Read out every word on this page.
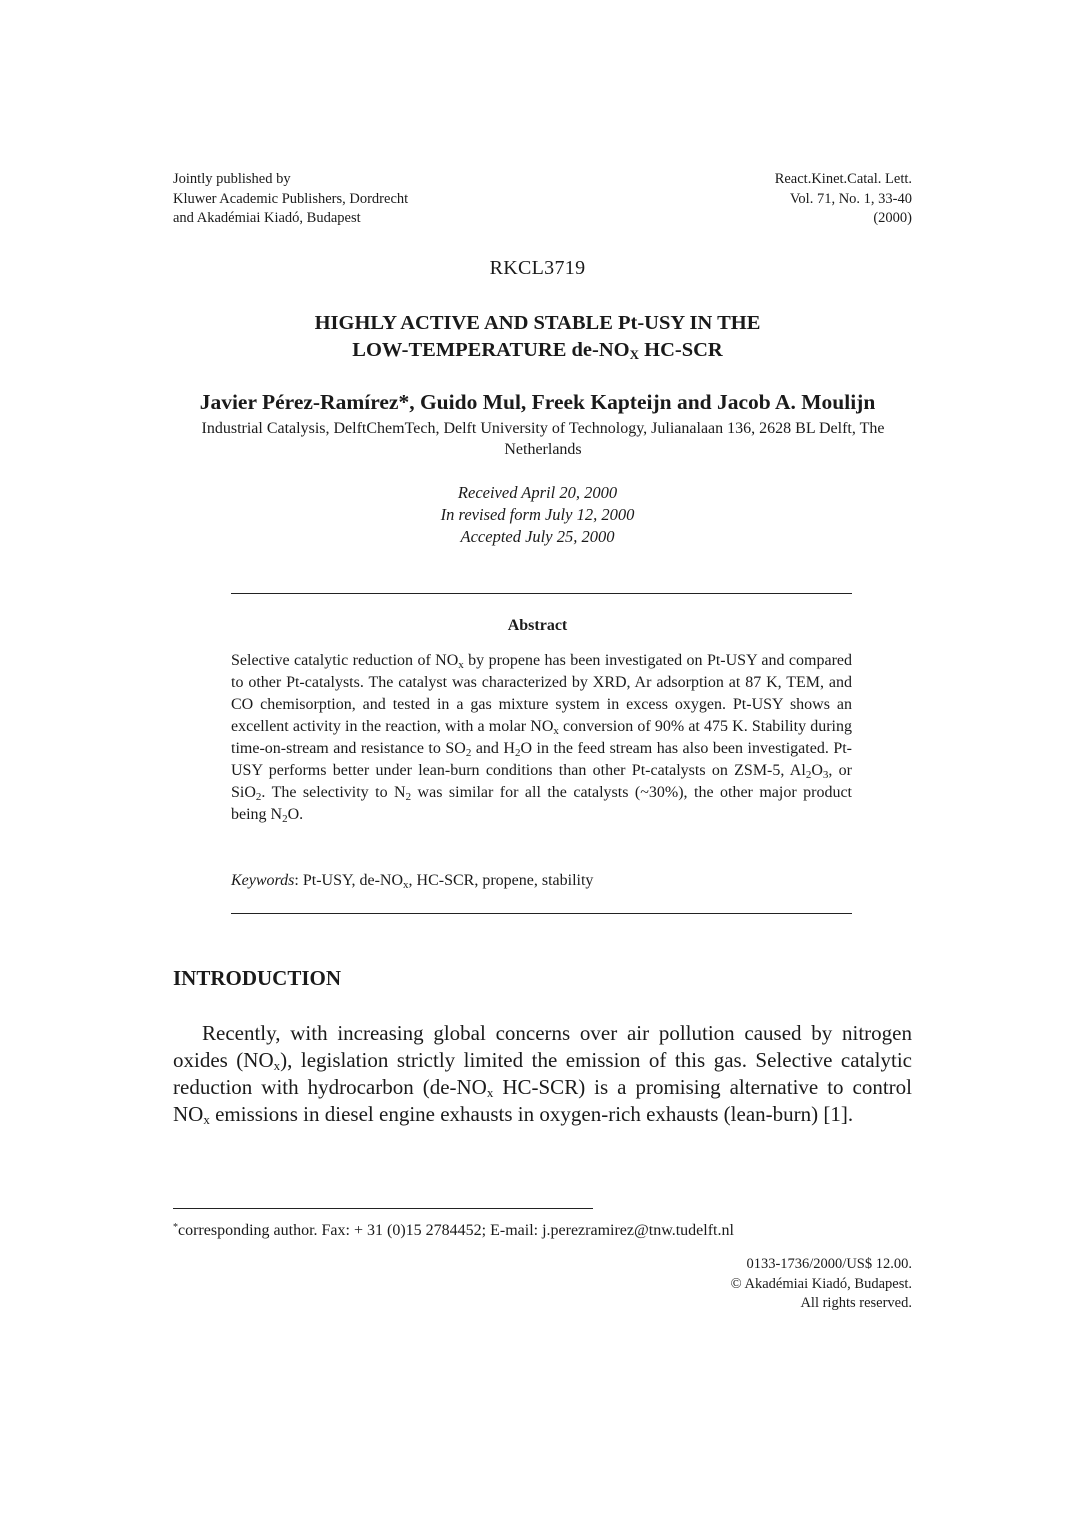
Jointly published by
Kluwer Academic Publishers, Dordrecht
and Akadémiai Kiadó, Budapest
React.Kinet.Catal. Lett.
Vol. 71, No. 1, 33-40
(2000)
RKCL3719
HIGHLY ACTIVE AND STABLE Pt-USY IN THE
LOW-TEMPERATURE $de-NO_X$ HC-SCR
Javier Pérez-Ramírez*, Guido Mul, Freek Kapteijn and Jacob A. Moulijn
Industrial Catalysis, DelftChemTech, Delft University of Technology, Julianalaan 136, 2628 BL Delft, The Netherlands
Received April 20, 2000
In revised form July 12, 2000
Accepted July 25, 2000
Abstract
Selective catalytic reduction of $NO_x$ by propene has been investigated on Pt-USY and compared to other Pt-catalysts. The catalyst was characterized by XRD, Ar adsorption at 87 K, TEM, and CO chemisorption, and tested in a gas mixture system in excess oxygen. Pt-USY shows an excellent activity in the reaction, with a molar $NO_x$ conversion of 90% at 475 K. Stability during time-on-stream and resistance to $SO_2$ and $H_2O$ in the feed stream has also been investigated. Pt-USY performs better under lean-burn conditions than other Pt-catalysts on ZSM-5, $Al_2O_3$, or SiO$_2$. The selectivity to $N_2$ was similar for all the catalysts (~30%), the other major product being $N_2O$.
Keywords: Pt-USY, $de-NO_x$, HC-SCR, propene, stability
INTRODUCTION
Recently, with increasing global concerns over air pollution caused by nitrogen oxides $(NO_x)$, legislation strictly limited the emission of this gas. Selective catalytic reduction with hydrocarbon ($de-NO_x$ HC-SCR) is a promising alternative to control $NO_x$ emissions in diesel engine exhausts in oxygen-rich exhausts (lean-burn) [1].
*corresponding author. Fax: + 31 (0)15 2784452; E-mail: j.perezramirez@tnw.tudelft.nl
0133-1736/2000/US$ 12.00.
© Akadémiai Kiadó, Budapest.
All rights reserved.
